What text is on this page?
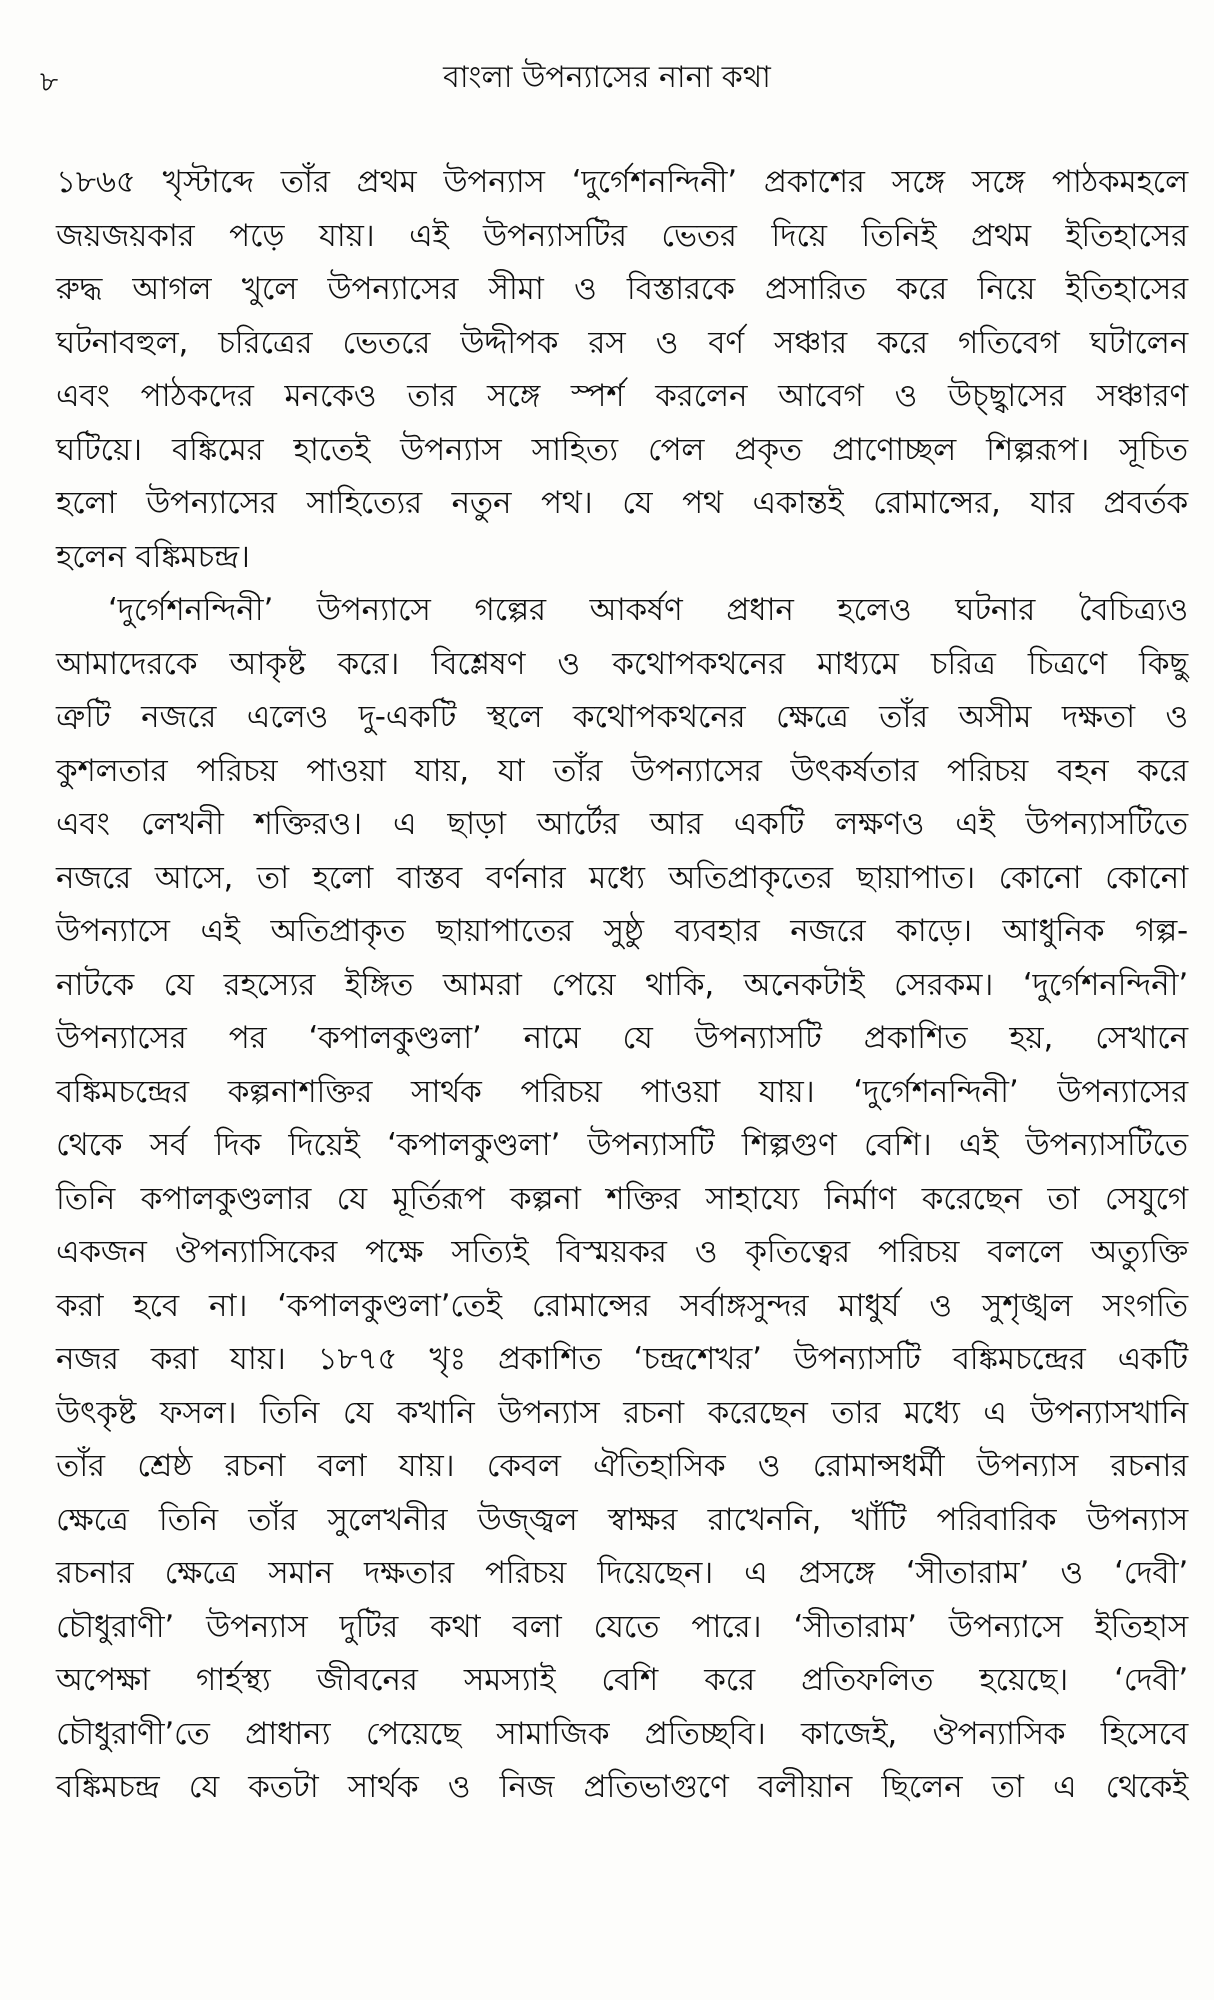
৮	বাংলা উপন্যাসের নানা কথা
১৮৬৫ খৃস্টাব্দে তাঁর প্রথম উপন্যাস ‘দুর্গেশনন্দিনী’ প্রকাশের সঙ্গে সঙ্গে পাঠকমহলে
জয়জয়কার পড়ে যায়। এই উপন্যাসটির ভেতর দিয়ে তিনিই প্রথম ইতিহাসের
রুদ্ধ আগল খুলে উপন্যাসের সীমা ও বিস্তারকে প্রসারিত করে নিয়ে ইতিহাসের
ঘটনাবহুল, চরিত্রের ভেতরে উদ্দীপক রস ও বর্ণ সঞ্চার করে গতিবেগ ঘটালেন
এবং পাঠকদের মনকেও তার সঙ্গে স্পর্শ করলেন আবেগ ও উচ্ছ্বাসের সঞ্চারণ
ঘটিয়ে। বঙ্কিমের হাতেই উপন্যাস সাহিত্য পেল প্রকৃত প্রাণোচ্ছল শিল্পরূপ। সূচিত
হলো উপন্যাসের সাহিত্যের নতুন পথ। যে পথ একান্তই রোমান্সের, যার প্রবর্তক
হলেন বঙ্কিমচন্দ্র।
‘দুর্গেশনন্দিনী’ উপন্যাসে গল্পের আকর্ষণ প্রধান হলেও ঘটনার বৈচিত্র্যও
আমাদেরকে আকৃষ্ট করে। বিশ্লেষণ ও কথোপকথনের মাধ্যমে চরিত্র চিত্রণে কিছু
ত্রুটি নজরে এলেও দু-একটি স্থলে কথোপকথনের ক্ষেত্রে তাঁর অসীম দক্ষতা ও
কুশলতার পরিচয় পাওয়া যায়, যা তাঁর উপন্যাসের উৎকর্ষতার পরিচয় বহন করে
এবং লেখনী শক্তিরও। এ ছাড়া আর্টের আর একটি লক্ষণও এই উপন্যাসটিতে
নজরে আসে, তা হলো বাস্তব বর্ণনার মধ্যে অতিপ্রাকৃতের ছায়াপাত। কোনো কোনো
উপন্যাসে এই অতিপ্রাকৃত ছায়াপাতের সুষ্ঠু ব্যবহার নজরে কাড়ে। আধুনিক গল্প-
নাটকে যে রহস্যের ইঙ্গিত আমরা পেয়ে থাকি, অনেকটাই সেরকম। ‘দুর্গেশনন্দিনী’
উপন্যাসের পর ‘কপালকুণ্ডলা’ নামে যে উপন্যাসটি প্রকাশিত হয়, সেখানে
বঙ্কিমচন্দ্রের কল্পনাশক্তির সার্থক পরিচয় পাওয়া যায়। ‘দুর্গেশনন্দিনী’ উপন্যাসের
থেকে সর্ব দিক দিয়েই ‘কপালকুণ্ডলা’ উপন্যাসটি শিল্পগুণ বেশি। এই উপন্যাসটিতে
তিনি কপালকুণ্ডলার যে মূর্তিরূপ কল্পনা শক্তির সাহায্যে নির্মাণ করেছেন তা সেযুগে
একজন ঔপন্যাসিকের পক্ষে সত্যিই বিস্ময়কর ও কৃতিত্বের পরিচয় বললে অত্যুক্তি
করা হবে না। ‘কপালকুণ্ডলা’তেই রোমান্সের সর্বাঙ্গসুন্দর মাধুর্য ও সুশৃঙ্খল সংগতি
নজর করা যায়। ১৮৭৫ খৃঃ প্রকাশিত ‘চন্দ্রশেখর’ উপন্যাসটি বঙ্কিমচন্দ্রের একটি
উৎকৃষ্ট ফসল। তিনি যে কখানি উপন্যাস রচনা করেছেন তার মধ্যে এ উপন্যাসখানি
তাঁর শ্রেষ্ঠ রচনা বলা যায়। কেবল ঐতিহাসিক ও রোমান্সধর্মী উপন্যাস রচনার
ক্ষেত্রে তিনি তাঁর সুলেখনীর উজ্জ্বল স্বাক্ষর রাখেননি, খাঁটি পরিবারিক উপন্যাস
রচনার ক্ষেত্রে সমান দক্ষতার পরিচয় দিয়েছেন। এ প্রসঙ্গে ‘সীতারাম’ ও ‘দেবী’
চৌধুরাণী’ উপন্যাস দুটির কথা বলা যেতে পারে। ‘সীতারাম’ উপন্যাসে ইতিহাস
অপেক্ষা গার্হস্থ্য জীবনের সমস্যাই বেশি করে প্রতিফলিত হয়েছে। ‘দেবী’
চৌধুরাণী’তে প্রাধান্য পেয়েছে সামাজিক প্রতিচ্ছবি। কাজেই, ঔপন্যাসিক হিসেবে
বঙ্কিমচন্দ্র যে কতটা সার্থক ও নিজ প্রতিভাগুণে বলীয়ান ছিলেন তা এ থেকেই
